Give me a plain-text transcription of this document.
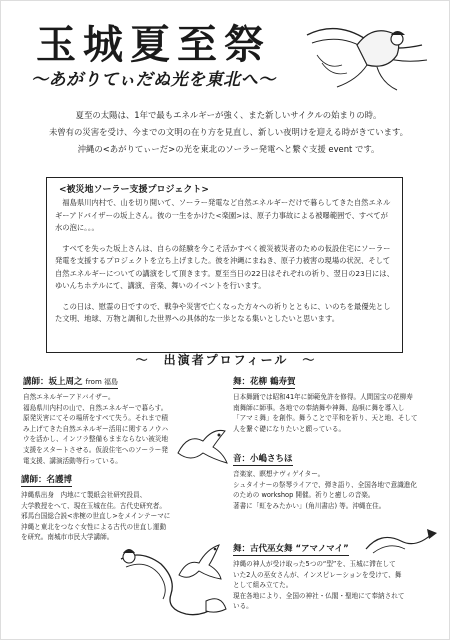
玉城夏至祭
～あがりてぃだぬ光を東北へ～
夏至の太陽は、1年で最もエネルギーが強く、また新しいサイクルの始まりの時。
未曾有の災害を受け、今までの文明の在り方を見直し、新しい夜明けを迎える時がきています。
沖縄の<あがりてぃーだ>の光を東北のソーラー発電へと繋ぐ支援 event です。
<被災地ソーラー支援プロジェクト>

福島県川内村で、山を切り開いて、ソーラー発電など自然エネルギーだけで暮らしてきた自然エネルギーアドバイザーの坂上さん。彼の一生をかけた<楽園>は、原子力事故による被曝範囲で、すべてが水の泡に。。。

すべてを失った坂上さんは、自らの経験を今こそ活かすべく被災被災者のための仮設住宅にソーラー発電を支援するプロジェクトを立ち上げました。彼を沖縄にまねき、原子力被害の現場の状況、そして自然エネルギーについての講演をして頂きます。夏至当日の22日はそれぞれの祈り、翌日の23日には、ゆいんちホテルにて、講演、音楽、舞いのイベントを行います。

この日は、慰霊の日ですので、戦争や災害で亡くなった方々への祈りとともに、いのちを最優先とした文明、地球、万物と調和した世界への具体的な一歩となる集いとしたいと思います。

～　出演者プロフィール　～
講師：坂上周之 from 福島
自然エネルギーアドバイザー。
福島県川内村の山で、自然エネルギーで暮らす。
原発災害にてその場所をすべて失う。それまで積
み上げてきた自然エネルギー活用に関するノウハ
ウを活かし、インフラ整備もままならない被災地
支援をスタートさせる。仮設住宅へのソーラー発
電支援、講演活動等行っている。
講師：名護博
沖縄県出身　内地にて製紙会社研究投員、
大学教授をへて、現在玉城在住。古代史研究者。
邪馬台国総合説<赤椀の世直し>をメインテーマに
沖縄と東北をつなぐ女性による古代の世直し運動
を研究。南城市市民大学講師。
舞：花柳 鶴寿賀
日本舞踊では昭和41年に師範免許を修得。人間国宝の花柳寿
南舞師に師事。各地での奉納舞や神舞、島唄に舞を導入し
「アマミ舞」を創作。舞うことで平和を祈り、天と地、そして
人を繋ぐ礎になりたいと願っている。
音：小嶋さちほ
音楽家、瞑想ナヴィゲイター。
シュタイナーの祭琴ライアで、弾き語り、全国各地で意識進化
のための workshop 開催。祈りと癒しの音楽。
著書に「虹をみたかい」(角川書店) 等。沖縄在住。
舞：古代巫女舞 “アマノマイ”
沖縄の神人が受け取った5つの“型”を、玉城に滞在して
いた2人の巫女さんが、インスピレーションを受けて、舞
として組み立てた。
現在各地により、全国の神社・仏閣・聖地にて奉納されて
いる。
